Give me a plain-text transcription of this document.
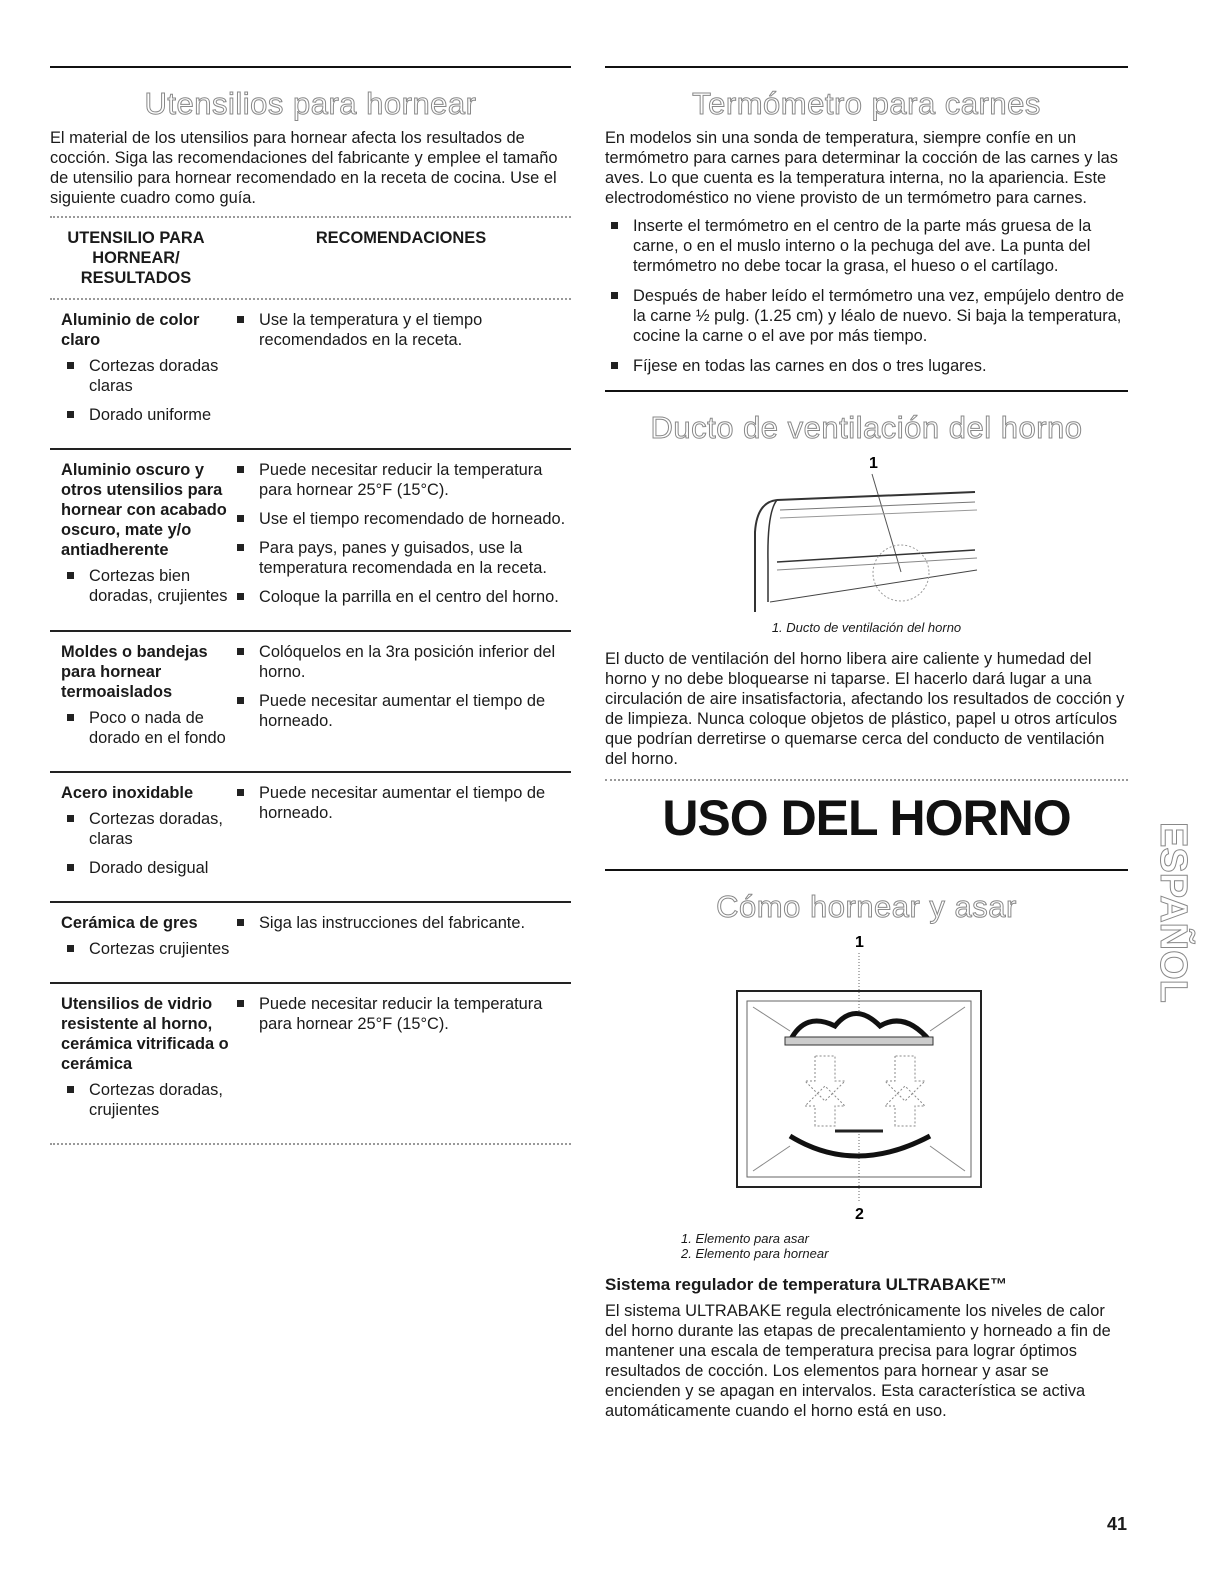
Utensilios para hornear

El material de los utensilios para hornear afecta los resultados de cocción. Siga las recomendaciones del fabricante y emplee el tamaño de utensilio para hornear recomendado en la receta de cocina. Use el siguiente cuadro como guía.

UTENSILIO PARA HORNEAR/ RESULTADOS
RECOMENDACIONES
Aluminio de color claro
Cortezas doradas claras
Dorado uniforme
Use la temperatura y el tiempo recomendados en la receta.
Aluminio oscuro y otros utensilios para hornear con acabado oscuro, mate y/o antiadherente
Cortezas bien doradas, crujientes
Puede necesitar reducir la temperatura para hornear 25°F (15°C).
Use el tiempo recomendado de horneado.
Para pays, panes y guisados, use la temperatura recomendada en la receta.
Coloque la parrilla en el centro del horno.
Moldes o bandejas para hornear termoaislados
Poco o nada de dorado en el fondo
Colóquelos en la 3ra posición inferior del horno.
Puede necesitar aumentar el tiempo de horneado.
Acero inoxidable
Cortezas doradas, claras
Dorado desigual
Puede necesitar aumentar el tiempo de horneado.
Cerámica de gres
Cortezas crujientes
Siga las instrucciones del fabricante.
Utensilios de vidrio resistente al horno, cerámica vitrificada o cerámica
Cortezas doradas, crujientes
Puede necesitar reducir la temperatura para hornear 25°F (15°C).
Termómetro para carnes

En modelos sin una sonda de temperatura, siempre confíe en un termómetro para carnes para determinar la cocción de las carnes y las aves. Lo que cuenta es la temperatura interna, no la apariencia. Este electrodoméstico no viene provisto de un termómetro para carnes.

Inserte el termómetro en el centro de la parte más gruesa de la carne, o en el muslo interno o la pechuga del ave. La punta del termómetro no debe tocar la grasa, el hueso o el cartílago.
Después de haber leído el termómetro una vez, empújelo dentro de la carne ½ pulg. (1.25 cm) y léalo de nuevo. Si baja la temperatura, cocine la carne o el ave por más tiempo.
Fíjese en todas las carnes en dos o tres lugares.
Ducto de ventilación del horno
1
1. Ducto de ventilación del horno

El ducto de ventilación del horno libera aire caliente y humedad del horno y no debe bloquearse ni taparse. El hacerlo dará lugar a una circulación de aire insatisfactoria, afectando los resultados de cocción y de limpieza. Nunca coloque objetos de plástico, papel u otros artículos que podrían derretirse o quemarse cerca del conducto de ventilación del horno.

USO DEL HORNO
Cómo hornear y asar
1
2
1. Elemento para asar
2. Elemento para hornear
Sistema regulador de temperatura ULTRABAKE™

El sistema ULTRABAKE regula electrónicamente los niveles de calor del horno durante las etapas de precalentamiento y horneado a fin de mantener una escala de temperatura precisa para lograr óptimos resultados de cocción. Los elementos para hornear y asar se encienden y se apagan en intervalos. Esta característica se activa automáticamente cuando el horno está en uso.

ESPAÑOL
41
